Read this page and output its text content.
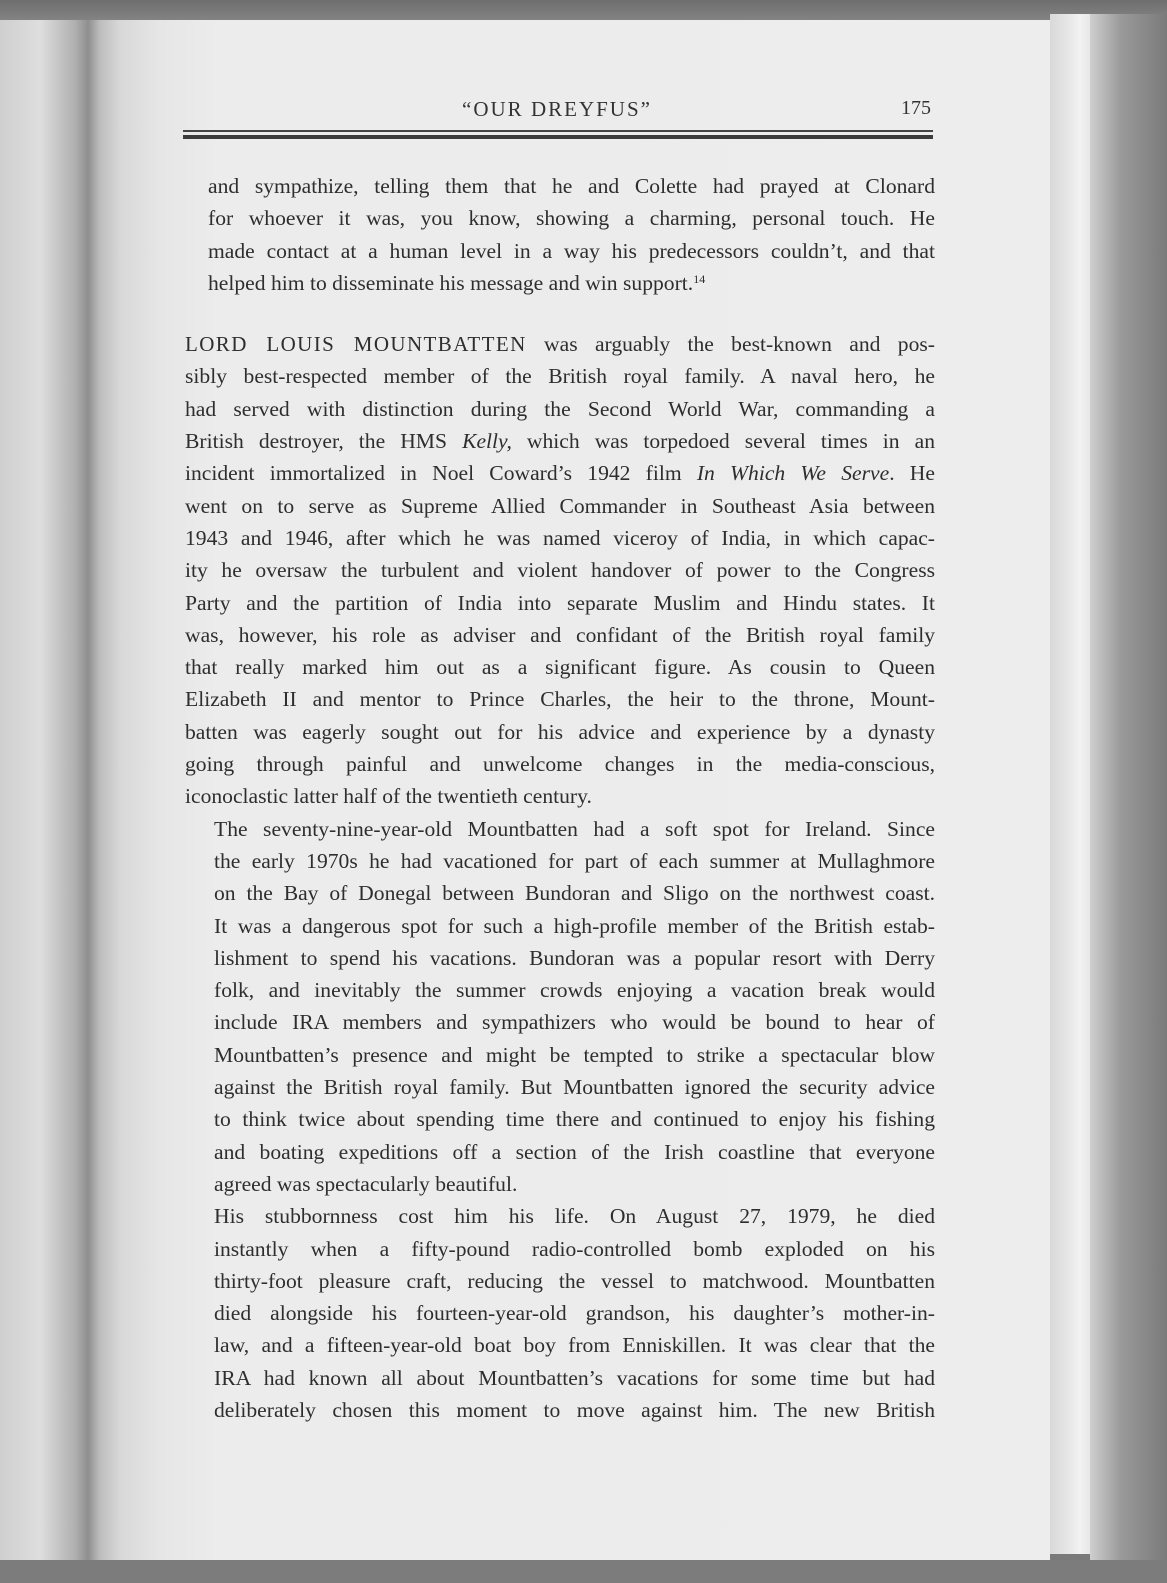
“OUR DREYFUS”	175

and sympathize, telling them that he and Colette had prayed at Clonard
for whoever it was, you know, showing a charming, personal touch. He
made contact at a human level in a way his predecessors couldn’t, and that
helped him to disseminate his message and win support.$^{14}$

LORD LOUIS MOUNTBATTEN was arguably the best-known and pos-
sibly best-respected member of the British royal family. A naval hero, he
had served with distinction during the Second World War, commanding a
British destroyer, the HMS Kelly, which was torpedoed several times in an
incident immortalized in Noel Coward’s 1942 film In Which We Serve. He
went on to serve as Supreme Allied Commander in Southeast Asia between
1943 and 1946, after which he was named viceroy of India, in which capac-
ity he oversaw the turbulent and violent handover of power to the Congress
Party and the partition of India into separate Muslim and Hindu states. It
was, however, his role as adviser and confidant of the British royal family
that really marked him out as a significant figure. As cousin to Queen
Elizabeth II and mentor to Prince Charles, the heir to the throne, Mount-
batten was eagerly sought out for his advice and experience by a dynasty
going through painful and unwelcome changes in the media-conscious,
iconoclastic latter half of the twentieth century.

The seventy-nine-year-old Mountbatten had a soft spot for Ireland. Since
the early 1970s he had vacationed for part of each summer at Mullaghmore
on the Bay of Donegal between Bundoran and Sligo on the northwest coast.
It was a dangerous spot for such a high-profile member of the British estab-
lishment to spend his vacations. Bundoran was a popular resort with Derry
folk, and inevitably the summer crowds enjoying a vacation break would
include IRA members and sympathizers who would be bound to hear of
Mountbatten’s presence and might be tempted to strike a spectacular blow
against the British royal family. But Mountbatten ignored the security advice
to think twice about spending time there and continued to enjoy his fishing
and boating expeditions off a section of the Irish coastline that everyone
agreed was spectacularly beautiful.

His stubbornness cost him his life. On August 27, 1979, he died
instantly when a fifty-pound radio-controlled bomb exploded on his
thirty-foot pleasure craft, reducing the vessel to matchwood. Mountbatten
died alongside his fourteen-year-old grandson, his daughter’s mother-in-
law, and a fifteen-year-old boat boy from Enniskillen. It was clear that the
IRA had known all about Mountbatten’s vacations for some time but had
deliberately chosen this moment to move against him. The new British
